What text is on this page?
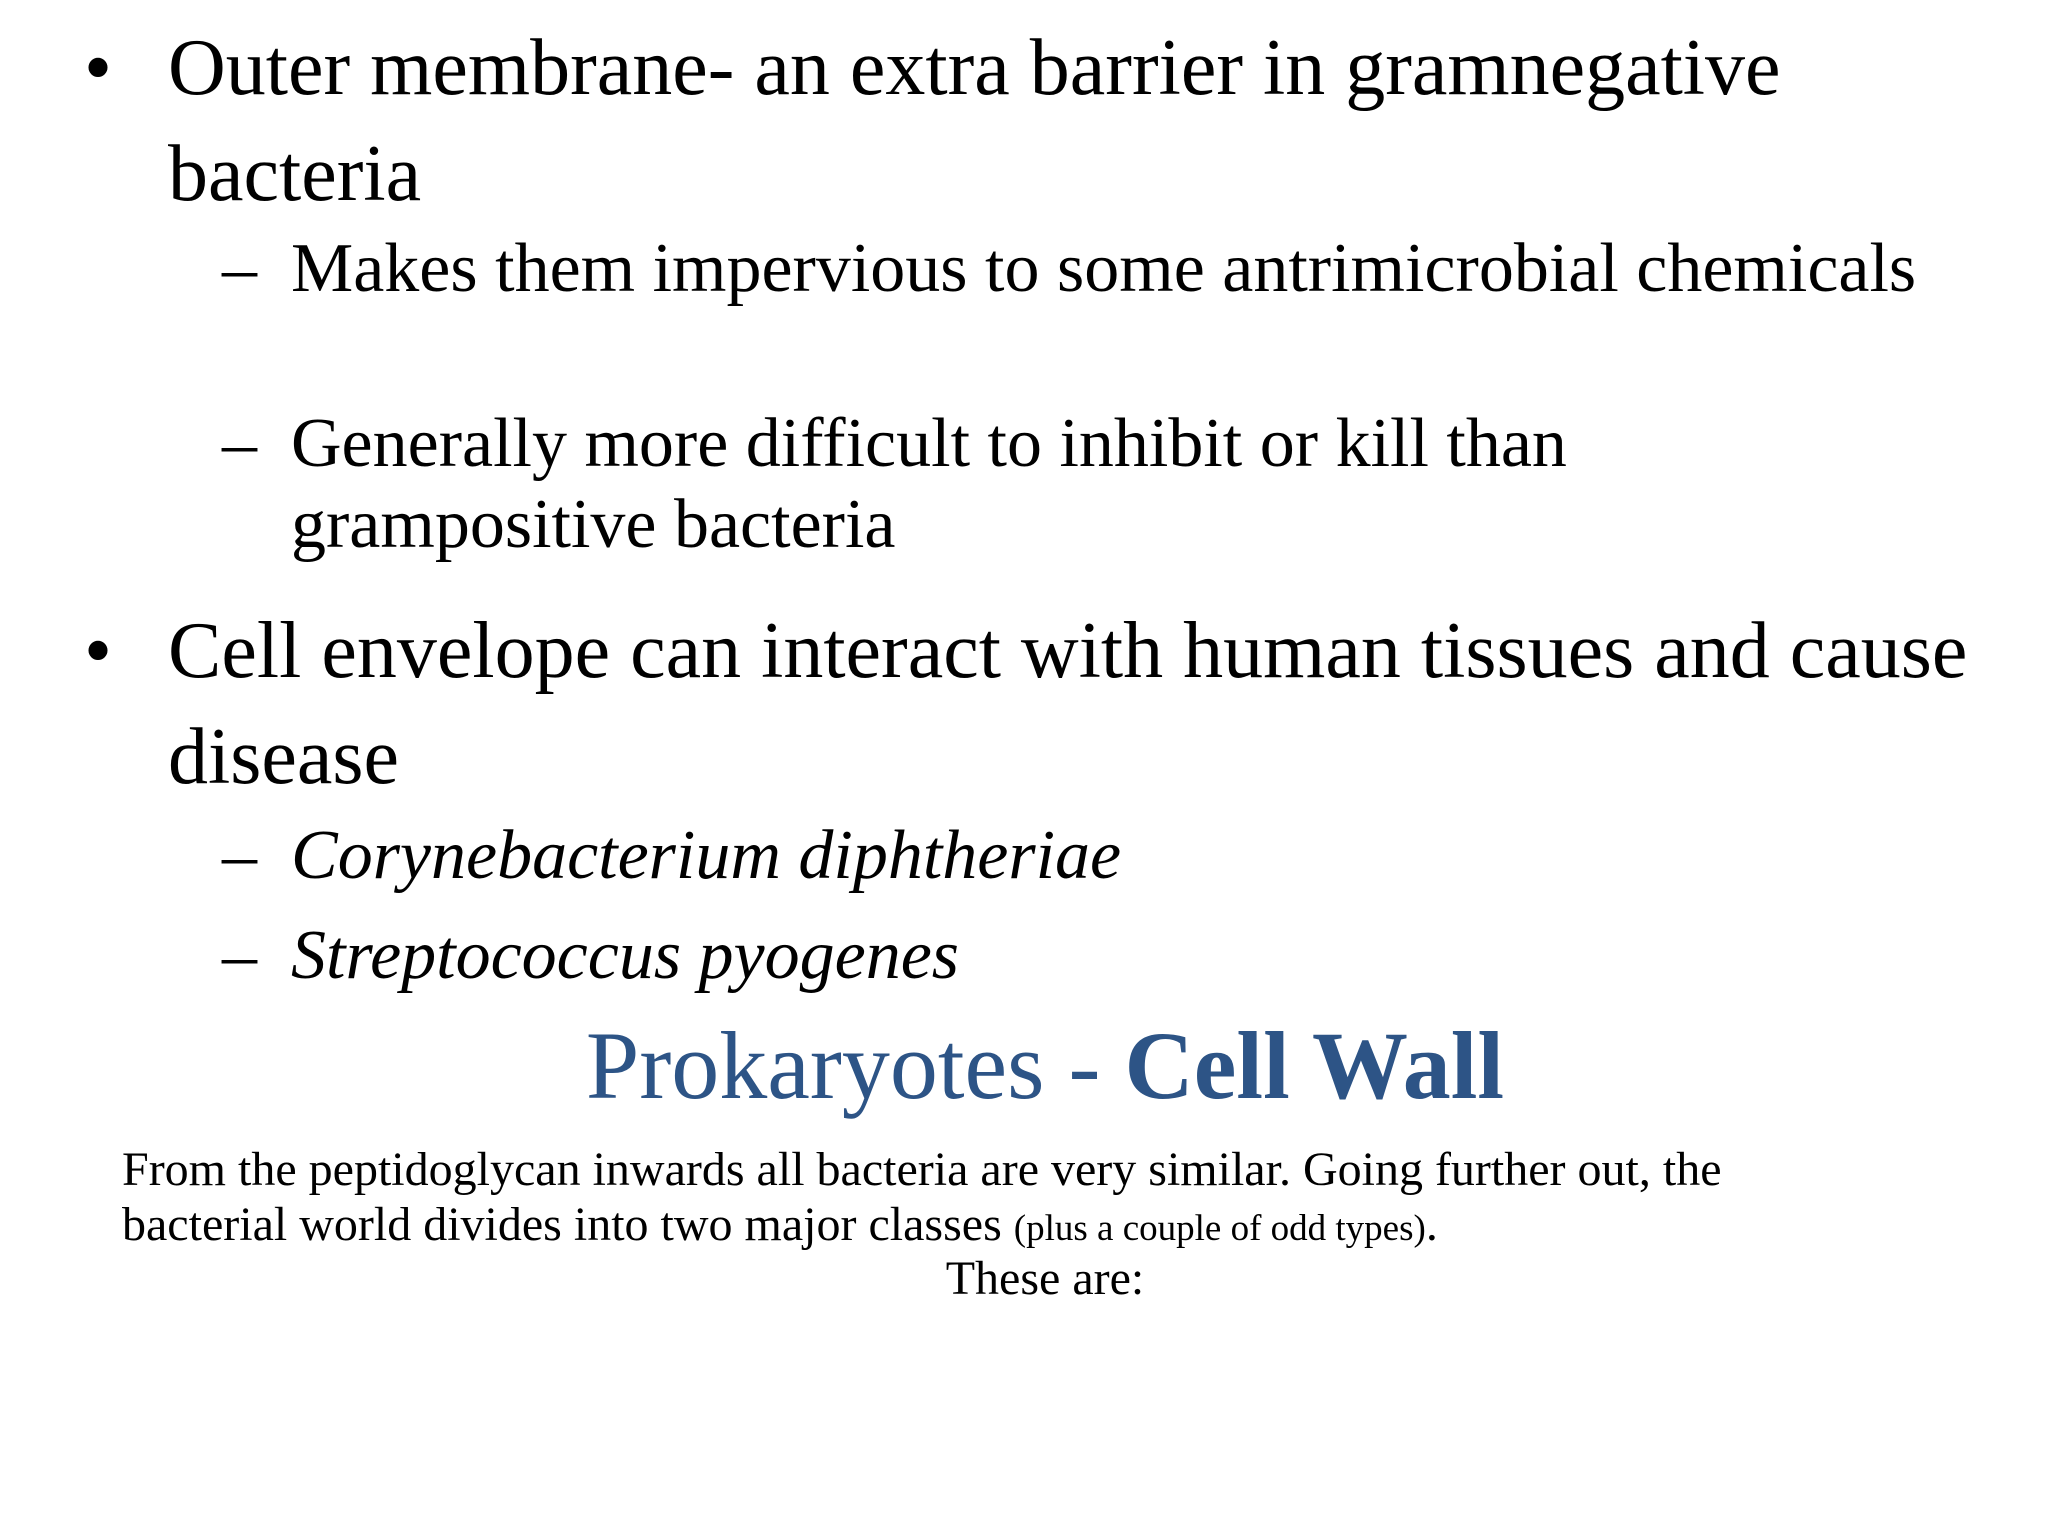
• Outer membrane- an extra barrier in gramnegative bacteria
– Makes them impervious to some antrimicrobial chemicals
– Generally more difficult to inhibit or kill than grampositive bacteria
• Cell envelope can interact with human tissues and cause disease
– Corynebacterium diphtheriae
– Streptococcus pyogenes
Prokaryotes - Cell Wall
From the peptidoglycan inwards all bacteria are very similar. Going further out, the
bacterial world divides into two major classes (plus a couple of odd types).
These are:
